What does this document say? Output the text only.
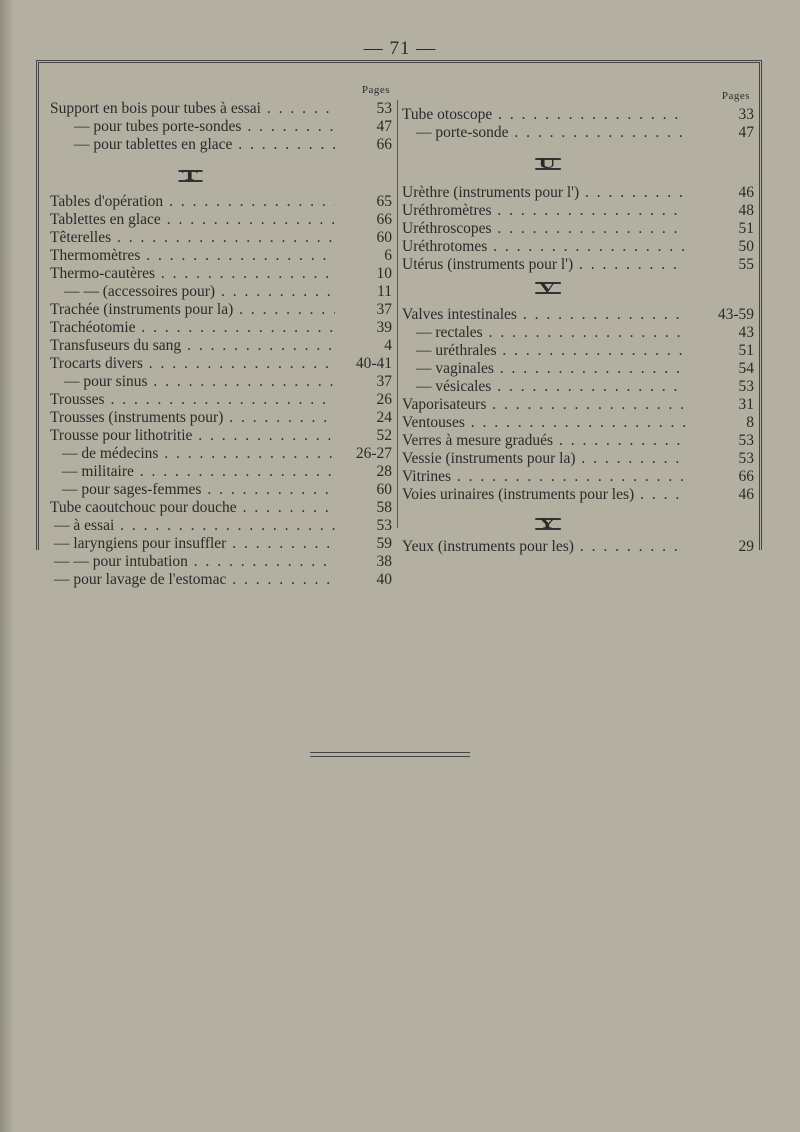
— 71 —
Pages
Support en bois pour tubes à essai . . .	53
— pour tubes porte-sondes . . .	47
— pour tablettes en glace . . .	66
T
Tables d'opération . . .	65
Tablettes en glace . . .	66
Têterelles . . .	60
Thermomètres . . .	6
Thermo-cautères . . .	10
— — (accessoires pour) . . .	11
Trachée (instruments pour la) . . .	37
Trachéotomie . . .	39
Transfuseurs du sang . . .	4
Trocarts divers . . .	40-41
— pour sinus . . .	37
Trousses . . .	26
Trousses (instruments pour) . . .	24
Trousse pour lithotritie . . .	52
— de médecins . . .	26-27
— militaire . . .	28
— pour sages-femmes . . .	60
Tube caoutchouc pour douche . . .	58
— à essai . . .	53
— laryngiens pour insuffler . . .	59
— — pour intubation . . .	38
— pour lavage de l'estomac . . .	40
Pages
Tube otoscope . . .	33
— porte-sonde . . .	47
U
Urèthre (instruments pour l') . . .	46
Uréthromètres . . .	48
Uréthroscopes . . .	51
Uréthrotomes . . .	50
Utérus (instruments pour l') . . .	55
V
Valves intestinales . . .	43-59
— rectales . . .	43
— uréthrales . . .	51
— vaginales . . .	54
— vésicales . . .	53
Vaporisateurs . . .	31
Ventouses . . .	8
Verres à mesure gradués . . .	53
Vessie (instruments pour la) . . .	53
Vitrines . . .	66
Voies urinaires (instruments pour les) . . .	46
Y
Yeux (instruments pour les) . . .	29
